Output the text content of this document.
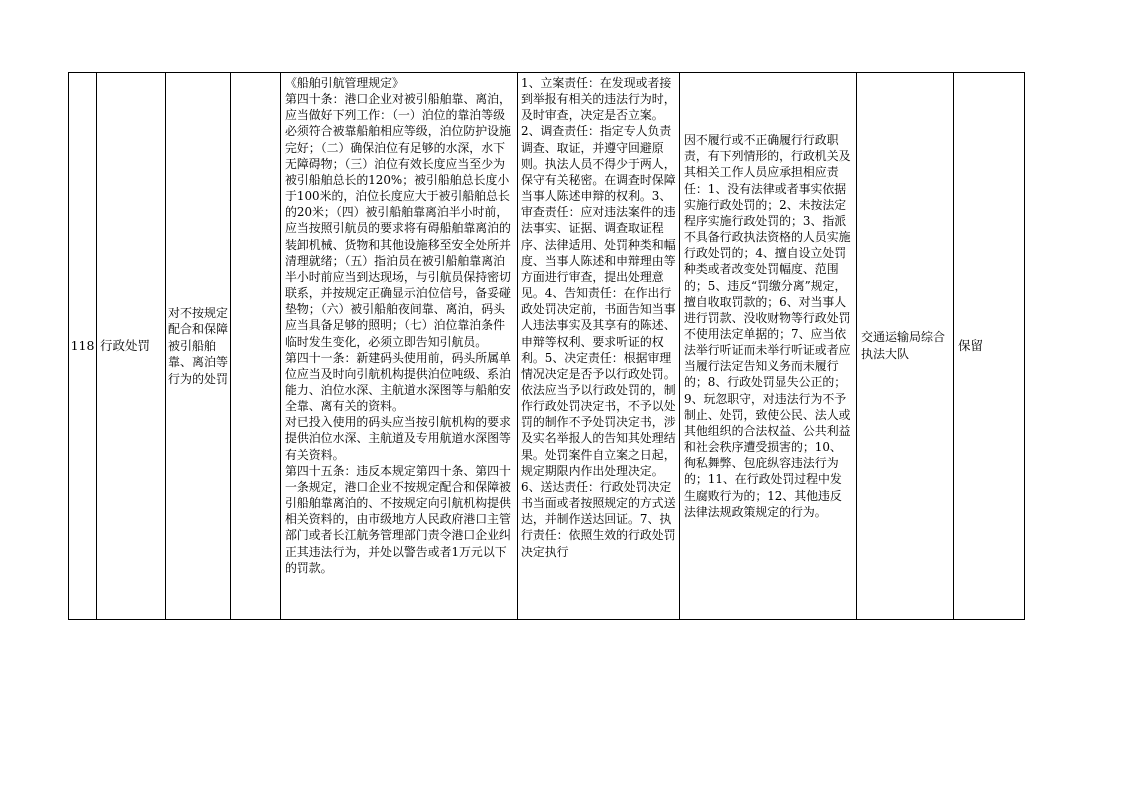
118 行政处罚
对不按规定配合和保障被引船舶靠、离泊等行为的处罚
《船舶引航管理规定》
第四十条：港口企业对被引船舶靠、离泊，应当做好下列工作：（一）泊位的靠泊等级必须符合被靠船舶相应等级，泊位防护设施完好；（二）确保泊位有足够的水深，水下无障碍物；（三）泊位有效长度应当至少为被引船舶总长的120%；被引船舶总长度小于100米的，泊位长度应大于被引船舶总长的20米；（四）被引船舶靠离泊半小时前，应当按照引航员的要求将有碍船舶靠离泊的装卸机械、货物和其他设施移至安全处所并清理就绪；（五）指泊员在被引船舶靠离泊半小时前应当到达现场，与引航员保持密切联系，并按规定正确显示泊位信号，备妥碰垫物；（六）被引船舶夜间靠、离泊，码头应当具备足够的照明；（七）泊位靠泊条件临时发生变化，必须立即告知引航员。
第四十一条：新建码头使用前，码头所属单位应当及时向引航机构提供泊位吨级、系泊能力、泊位水深、主航道水深图等与船舶安全靠、离有关的资料。
对已投入使用的码头应当按引航机构的要求提供泊位水深、主航道及专用航道水深图等有关资料。
第四十五条：违反本规定第四十条、第四十一条规定，港口企业不按规定配合和保障被引船舶靠离泊的、不按规定向引航机构提供相关资料的，由市级地方人民政府港口主管部门或者长江航务管理部门责令港口企业纠正其违法行为，并处以警告或者1万元以下的罚款。
1、立案责任：在发现或者接到举报有相关的违法行为时，及时审查，决定是否立案。2、调查责任：指定专人负责调查、取证，并遵守回避原则。执法人员不得少于两人，保守有关秘密。在调查时保障当事人陈述申辩的权利。3、审查责任：应对违法案件的违法事实、证据、调查取证程序、法律适用、处罚种类和幅度、当事人陈述和申辩理由等方面进行审查，提出处理意见。4、告知责任：在作出行政处罚决定前，书面告知当事人违法事实及其享有的陈述、申辩等权利、要求听证的权利。5、决定责任：根据审理情况决定是否予以行政处罚。依法应当予以行政处罚的，制作行政处罚决定书，不予以处罚的制作不予处罚决定书，涉及实名举报人的告知其处理结果。处罚案件自立案之日起，规定期限内作出处理决定。
6、送达责任：行政处罚决定书当面或者按照规定的方式送达，并制作送达回证。7、执行责任：依照生效的行政处罚决定执行
因不履行或不正确履行行政职责，有下列情形的，行政机关及其相关工作人员应承担相应责任：1、没有法律或者事实依据实施行政处罚的；2、未按法定程序实施行政处罚的；3、指派不具备行政执法资格的人员实施行政处罚的；4、擅自设立处罚种类或者改变处罚幅度、范围的；5、违反“罚缴分离”规定，擅自收取罚款的；6、对当事人进行罚款、没收财物等行政处罚不使用法定单据的；7、应当依法举行听证而未举行听证或者应当履行法定告知义务而未履行的；8、行政处罚显失公正的；9、玩忽职守，对违法行为不予制止、处罚，致使公民、法人或其他组织的合法权益、公共利益和社会秩序遭受损害的；10、徇私舞弊、包庇纵容违法行为的；11、在行政处罚过程中发生腐败行为的；12、其他违反法律法规政策规定的行为。
交通运输局综合执法大队
保留
